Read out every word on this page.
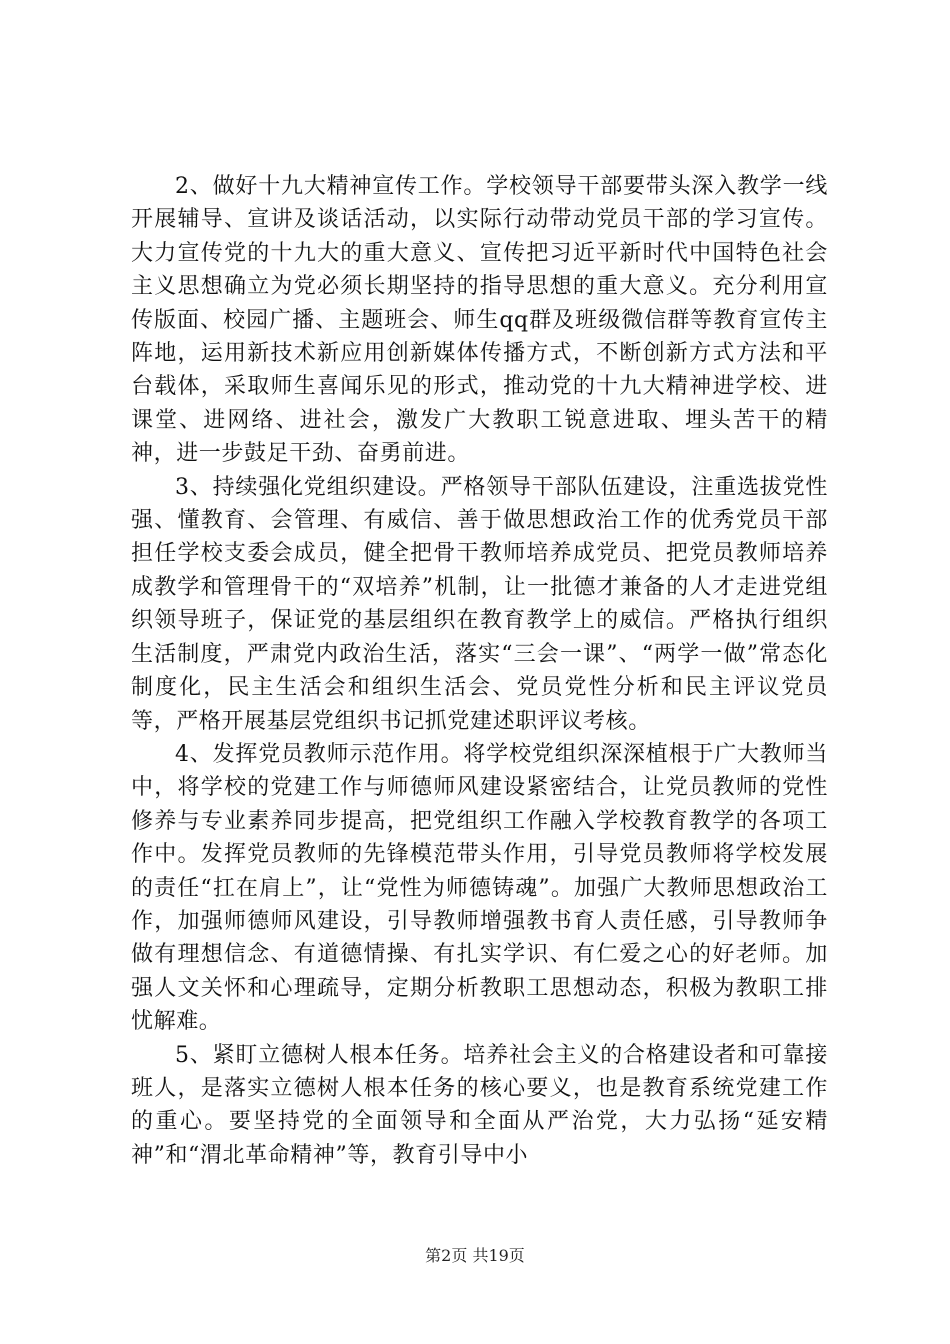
2、做好十九大精神宣传工作。学校领导干部要带头深入教学一线开展辅导、宣讲及谈话活动，以实际行动带动党员干部的学习宣传。大力宣传党的十九大的重大意义、宣传把习近平新时代中国特色社会主义思想确立为党必须长期坚持的指导思想的重大意义。充分利用宣传版面、校园广播、主题班会、师生qq群及班级微信群等教育宣传主阵地，运用新技术新应用创新媒体传播方式，不断创新方式方法和平台载体，采取师生喜闻乐见的形式，推动党的十九大精神进学校、进课堂、进网络、进社会，激发广大教职工锐意进取、埋头苦干的精神，进一步鼓足干劲、奋勇前进。

3、持续强化党组织建设。严格领导干部队伍建设，注重选拔党性强、懂教育、会管理、有威信、善于做思想政治工作的优秀党员干部担任学校支委会成员，健全把骨干教师培养成党员、把党员教师培养成教学和管理骨干的“双培养”机制，让一批德才兼备的人才走进党组织领导班子，保证党的基层组织在教育教学上的威信。严格执行组织生活制度，严肃党内政治生活，落实“三会一课”、“两学一做”常态化制度化，民主生活会和组织生活会、党员党性分析和民主评议党员等，严格开展基层党组织书记抓党建述职评议考核。

4、发挥党员教师示范作用。将学校党组织深深植根于广大教师当中，将学校的党建工作与师德师风建设紧密结合，让党员教师的党性修养与专业素养同步提高，把党组织工作融入学校教育教学的各项工作中。发挥党员教师的先锋模范带头作用，引导党员教师将学校发展的责任“扛在肩上”，让“党性为师德铸魂”。加强广大教师思想政治工作，加强师德师风建设，引导教师增强教书育人责任感，引导教师争做有理想信念、有道德情操、有扎实学识、有仁爱之心的好老师。加强人文关怀和心理疏导，定期分析教职工思想动态，积极为教职工排忧解难。

5、紧盯立德树人根本任务。培养社会主义的合格建设者和可靠接班人，是落实立德树人根本任务的核心要义，也是教育系统党建工作的重心。要坚持党的全面领导和全面从严治党，大力弘扬“延安精神”和“渭北革命精神”等，教育引导中小

第2页 共19页
